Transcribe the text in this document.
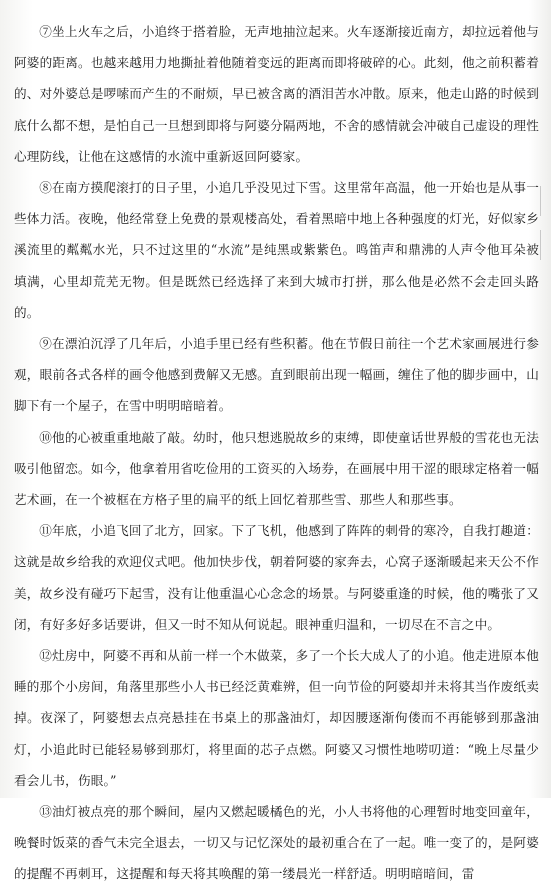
⑦坐上火车之后，小追终于搭着脸，无声地抽泣起来。火车逐渐接近南方，却拉远着他与阿婆的距离。也越来越用力地撕扯着他随着变远的距离而即将破碎的心。此刻，他之前积蓄着的、对外婆总是啰嗦而产生的不耐烦，早已被含离的酒泪苦水冲散。原来，他走山路的时候到底什么都不想，是怕自己一旦想到即将与阿婆分隔两地，不舍的感情就会冲破自己虚设的理性心理防线，让他在这感情的水流中重新返回阿婆家。

⑧在南方摸爬滚打的日子里，小追几乎没见过下雪。这里常年高温，他一开始也是从事一些体力活。夜晚，他经常登上免费的景观楼高处，看着黑暗中地上各种强度的灯光，好似家乡溪流里的粼粼水光，只不过这里的“水流”是纯黑或紫紫色。鸣笛声和鼎沸的人声令他耳朵被填满，心里却荒芜无物。但是既然已经选择了来到大城市打拼，那么他是必然不会走回头路的。

⑨在漂泊沉浮了几年后，小追手里已经有些积蓄。他在节假日前往一个艺术家画展进行参观，眼前各式各样的画令他感到费解又无感。直到眼前出现一幅画，缠住了他的脚步画中，山脚下有一个屋子，在雪中明明暗暗着。

⑩他的心被重重地敲了敲。幼时，他只想逃脱故乡的束缚，即使童话世界般的雪花也无法吸引他留恋。如今，他拿着用省吃俭用的工资买的入场券，在画展中用干涩的眼球定格着一幅艺术画，在一个被框在方格子里的扁平的纸上回忆着那些雪、那些人和那些事。

⑪年底，小追飞回了北方，回家。下了飞机，他感到了阵阵的刺骨的寒冷，自我打趣道：这就是故乡给我的欢迎仪式吧。他加快步伐，朝着阿婆的家奔去，心窝子逐渐暖起来天公不作美，故乡没有碰巧下起雪，没有让他重温心心念念的场景。与阿婆重逢的时候，他的嘴张了又闭，有好多好多话要讲，但又一时不知从何说起。眼神重归温和，一切尽在不言之中。

⑫灶房中，阿婆不再和从前一样一个木做菜，多了一个长大成人了的小追。他走进原本他睡的那个小房间，角落里那些小人书已经泛黄难辨，但一向节俭的阿婆却并未将其当作废纸卖掉。夜深了，阿婆想去点亮悬挂在书桌上的那盏油灯，却因腰逐渐佝偻而不再能够到那盏油灯，小追此时已能轻易够到那灯，将里面的芯子点燃。阿婆又习惯性地唠叨道：“晚上尽量少看会儿书，伤眼。”

⑬油灯被点亮的那个瞬间，屋内又燃起暖橘色的光，小人书将他的心理暂时地变回童年，晚餐时饭菜的香气未完全退去，一切又与记忆深处的最初重合在了一起。唯一变了的，是阿婆的提醒不再刺耳，这提醒和每天将其唤醒的第一缕晨光一样舒适。明明暗暗间，雷
